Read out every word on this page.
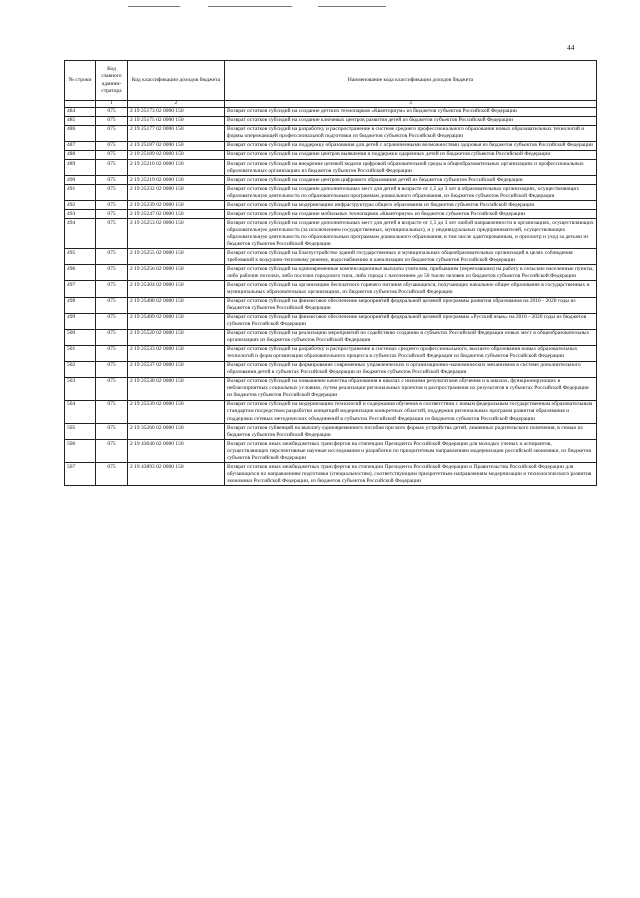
44
№ строки	Код главного админи-стратора	Код классификации доходов бюджета	Наименование кода классификации доходов бюджета
	1	2	3
484	075	2 19 25173 02 0000 150	Возврат остатков субсидий на создание детских технопарков «Кванториум» из бюджетов субъектов Российской Федерации
485	075	2 19 25175 02 0000 150	Возврат остатков субсидий на создание ключевых центров развития детей из бюджетов субъектов Российской Федерации
486	075	2 19 25177 02 0000 150	Возврат остатков субсидий на разработку и распространение в системе среднего профессионального образования новых образовательных технологий и формы опережающей профессиональной подготовки из бюджетов субъектов Российской Федерации
487	075	2 19 25187 02 0000 150	Возврат остатков субсидий на поддержку образования для детей с ограниченными возможностями здоровья из бюджетов субъектов Российской Федерации
488	075	2 19 25189 02 0000 150	Возврат остатков субсидий на создание центров выявления и поддержки одаренных детей из бюджетов субъектов Российской Федерации
489	075	2 19 25210 02 0000 150	Возврат остатков субсидий на внедрение целевой модели цифровой образовательной среды в общеобразовательных организациях и профессиональных образовательных организациях из бюджетов субъектов Российской Федерации
490	075	2 19 25219 02 0000 150	Возврат остатков субсидий на создание центров цифрового образования детей из бюджетов субъектов Российской Федерации
491	075	2 19 25232 02 0000 150	Возврат остатков субсидий на создание дополнительных мест для детей в возрасте от 1,5 до 3 лет в образовательных организациях, осуществляющих образовательную деятельность по образовательным программам дошкольного образования, из бюджетов субъектов Российской Федерации
492	075	2 19 25239 02 0000 150	Возврат остатков субсидий на модернизацию инфраструктуры общего образования из бюджетов субъектов Российской Федерации
493	075	2 19 25247 02 0000 150	Возврат остатков субсидий на создание мобильных технопарков «Кванториум» из бюджетов субъектов Российской Федерации
494	075	2 19 25253 02 0000 150	Возврат остатков субсидий на создание дополнительных мест для детей в возрасте от 1,5 до 3 лет любой направленности в организациях, осуществляющих образовательную деятельность (за исключением государственных, муниципальных), и у индивидуальных предпринимателей, осуществляющих образовательную деятельность по образовательным программам дошкольного образования, в том числе адаптированным, и присмотр и уход за детьми из бюджетов субъектов Российской Федерации
495	075	2 19 25255 02 0000 150	Возврат остатков субсидий на благоустройство зданий государственных и муниципальных общеобразовательных организаций в целях соблюдения требований к воздушно-тепловому режиму, водоснабжению и канализации из бюджетов субъектов Российской Федерации
496	075	2 19 25256 02 0000 150	Возврат остатков субсидий на единовременные компенсационные выплаты учителям, прибывшим (переехавшим) на работу в сельские населенные пункты, либо рабочие поселки, либо поселки городского типа, либо города с населением до 50 тысяч человек из бюджетов субъектов Российской Федерации
497	075	2 19 25304 02 0000 150	Возврат остатков субсидий на организацию бесплатного горячего питания обучающихся, получающих начальное общее образование в государственных и муниципальных образовательных организациях, из бюджетов субъектов Российской Федерации
498	075	2 19 25498 02 0000 150	Возврат остатков субсидий на финансовое обеспечение мероприятий федеральной целевой программы развития образования на 2016 - 2020 годы из бюджетов субъектов Российской Федерации
499	075	2 19 25499 02 0000 150	Возврат остатков субсидий на финансовое обеспечение мероприятий федеральной целевой программы «Русский язык» на 2016 - 2020 годы из бюджетов субъектов Российской Федерации
500	075	2 19 25520 02 0000 150	Возврат остатков субсидий на реализацию мероприятий по содействию созданию в субъектах Российской Федерации новых мест в общеобразовательных организациях из бюджетов субъектов Российской Федерации
501	075	2 19 25533 02 0000 150	Возврат остатков субсидий на разработку и распространение в системах среднего профессионального, высшего образования новых образовательных технологий и форм организации образовательного процесса в субъектах Российской Федерации из бюджетов субъектов Российской Федерации
502	075	2 19 25537 02 0000 150	Возврат остатков субсидий на формирование современных управленческих и организационно-экономических механизмов в системе дополнительного образования детей в субъектах Российской Федерации из бюджетов субъектов Российской Федерации
503	075	2 19 25538 02 0000 150	Возврат остатков субсидий на повышение качества образования в школах с низкими результатами обучения и в школах, функционирующих в неблагоприятных социальных условиях, путем реализации региональных проектов и распространения их результатов в субъектах Российской Федерации из бюджетов субъектов Российской Федерации
504	075	2 19 25539 02 0000 150	Возврат остатков субсидий на модернизацию технологий и содержания обучения в соответствии с новым федеральным государственным образовательным стандартом посредством разработки концепций модернизации конкретных областей, поддержки региональных программ развития образования и поддержки сетевых методических объединений в субъектах Российской Федерации из бюджетов субъектов Российской Федерации
505	075	2 19 35260 02 0000 150	Возврат остатков субвенций на выплату единовременного пособия при всех формах устройства детей, лишенных родительского попечения, в семью из бюджетов субъектов Российской Федерации
506	075	2 19 43046 02 0000 150	Возврат остатков иных межбюджетных трансфертов на стипендии Президента Российской Федерации для молодых ученых и аспирантов, осуществляющих перспективные научные исследования и разработки по приоритетным направлениям модернизации российской экономики, из бюджетов субъектов Российской Федерации
507	075	2 19 43893 02 0000 150	Возврат остатков иных межбюджетных трансфертов на стипендии Президента Российской Федерации и Правительства Российской Федерации для обучающихся по направлениям подготовки (специальностям), соответствующим приоритетным направлениям модернизации и технологического развития экономики Российской Федерации, из бюджетов субъектов Российской Федерации
